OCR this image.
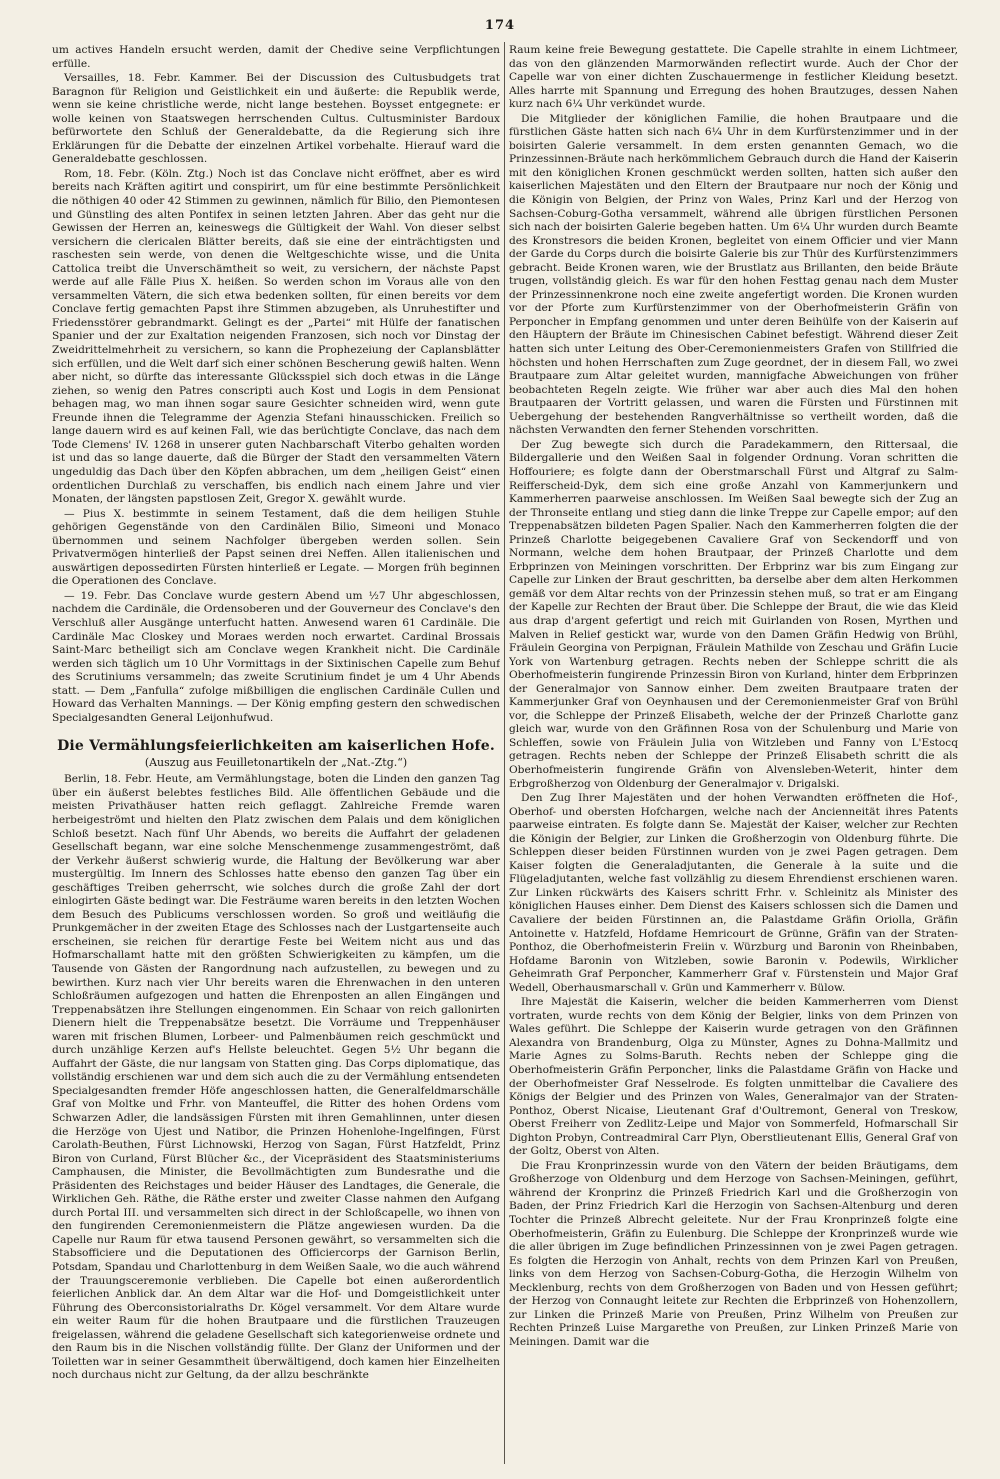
174

um actives Handeln ersucht werden, damit der Chedive seine Verpflichtungen erfülle.

Versailles, 18. Febr. Kammer. Bei der Discussion des Cultusbudgets trat Baragnon für Religion und Geistlichkeit ein und äußerte: die Republik werde, wenn sie keine christliche werde, nicht lange bestehen. Boysset entgegnete: er wolle keinen von Staatswegen herrschenden Cultus. Cultusminister Bardoux befürwortete den Schluß der Generaldebatte, da die Regierung sich ihre Erklärungen für die Debatte der einzelnen Artikel vorbehalte. Hierauf ward die Generaldebatte geschlossen.

Rom, 18. Febr. (Köln. Ztg.) Noch ist das Conclave nicht eröffnet, aber es wird bereits nach Kräften agitirt und conspirirt, um für eine bestimmte Persönlichkeit die nöthigen 40 oder 42 Stimmen zu gewinnen, nämlich für Bilio, den Piemontesen und Günstling des alten Pontifex in seinen letzten Jahren. Aber das geht nur die Gewissen der Herren an, keineswegs die Gültigkeit der Wahl. Von dieser selbst versichern die clericalen Blätter bereits, daß sie eine der einträchtigsten und raschesten sein werde, von denen die Weltgeschichte wisse, und die Unita Cattolica treibt die Unverschämtheit so weit, zu versichern, der nächste Papst werde auf alle Fälle Pius X. heißen. So werden schon im Voraus alle von den versammelten Vätern, die sich etwa bedenken sollten, für einen bereits vor dem Conclave fertig gemachten Papst ihre Stimmen abzugeben, als Unruhestifter und Friedensstörer gebrandmarkt. Gelingt es der „Partei“ mit Hülfe der fanatischen Spanier und der zur Exaltation neigenden Franzosen, sich noch vor Dinstag der Zweidrittelmehrheit zu versichern, so kann die Prophezeiung der Caplansblätter sich erfüllen, und die Welt darf sich einer schönen Bescherung gewiß halten. Wenn aber nicht, so dürfte das interessante Glücksspiel sich doch etwas in die Länge ziehen, so wenig den Patres conscripti auch Kost und Logis in dem Pensionat behagen mag, wo man ihnen sogar saure Gesichter schneiden wird, wenn gute Freunde ihnen die Telegramme der Agenzia Stefani hinausschicken. Freilich so lange dauern wird es auf keinen Fall, wie das berüchtigte Conclave, das nach dem Tode Clemens' IV. 1268 in unserer guten Nachbarschaft Viterbo gehalten worden ist und das so lange dauerte, daß die Bürger der Stadt den versammelten Vätern ungeduldig das Dach über den Köpfen abbrachen, um dem „heiligen Geist“ einen ordentlichen Durchlaß zu verschaffen, bis endlich nach einem Jahre und vier Monaten, der längsten papstlosen Zeit, Gregor X. gewählt wurde.

— Pius X. bestimmte in seinem Testament, daß die dem heiligen Stuhle gehörigen Gegenstände von den Cardinälen Bilio, Simeoni und Monaco übernommen und seinem Nachfolger übergeben werden sollen. Sein Privatvermögen hinterließ der Papst seinen drei Neffen. Allen italienischen und auswärtigen depossedirten Fürsten hinterließ er Legate. — Morgen früh beginnen die Operationen des Conclave.

— 19. Febr. Das Conclave wurde gestern Abend um ½7 Uhr abgeschlossen, nachdem die Cardinäle, die Ordensoberen und der Gouverneur des Conclave's den Verschluß aller Ausgänge unterfucht hatten. Anwesend waren 61 Cardinäle. Die Cardinäle Mac Closkey und Moraes werden noch erwartet. Cardinal Brossais Saint-Marc betheiligt sich am Conclave wegen Krankheit nicht. Die Cardinäle werden sich täglich um 10 Uhr Vormittags in der Sixtinischen Capelle zum Behuf des Scrutiniums versammeln; das zweite Scrutinium findet je um 4 Uhr Abends statt. — Dem „Fanfulla“ zufolge mißbilligen die englischen Cardinäle Cullen und Howard das Verhalten Mannings. — Der König empfing gestern den schwedischen Specialgesandten General Leijonhufwud.

Die Vermählungsfeierlichkeiten am kaiserlichen Hofe.
(Auszug aus Feuilletonartikeln der „Nat.-Ztg.“)

Berlin, 18. Febr. Heute, am Vermählungstage, boten die Linden den ganzen Tag über ein äußerst belebtes festliches Bild. Alle öffentlichen Gebäude und die meisten Privathäuser hatten reich geflaggt. Zahlreiche Fremde waren herbeigeströmt und hielten den Platz zwischen dem Palais und dem königlichen Schloß besetzt. Nach fünf Uhr Abends, wo bereits die Auffahrt der geladenen Gesellschaft begann, war eine solche Menschenmenge zusammengeströmt, daß der Verkehr äußerst schwierig wurde, die Haltung der Bevölkerung war aber mustergültig. Im Innern des Schlosses hatte ebenso den ganzen Tag über ein geschäftiges Treiben geherrscht, wie solches durch die große Zahl der dort einlogirten Gäste bedingt war. Die Festräume waren bereits in den letzten Wochen dem Besuch des Publicums verschlossen worden. So groß und weitläufig die Prunkgemächer in der zweiten Etage des Schlosses nach der Lustgartenseite auch erscheinen, sie reichen für derartige Feste bei Weitem nicht aus und das Hofmarschallamt hatte mit den größten Schwierigkeiten zu kämpfen, um die Tausende von Gästen der Rangordnung nach aufzustellen, zu bewegen und zu bewirthen. Kurz nach vier Uhr bereits waren die Ehrenwachen in den unteren Schloßräumen aufgezogen und hatten die Ehrenposten an allen Eingängen und Treppenabsätzen ihre Stellungen eingenommen. Ein Schaar von reich gallonirten Dienern hielt die Treppenabsätze besetzt. Die Vorräume und Treppenhäuser waren mit frischen Blumen, Lorbeer- und Palmenbäumen reich geschmückt und durch unzählige Kerzen auf's Hellste beleuchtet. Gegen 5½ Uhr begann die Auffahrt der Gäste, die nur langsam von Statten ging. Das Corps diplomatique, das vollständig erschienen war und dem sich auch die zu der Vermählung entsendeten Specialgesandten fremder Höfe angeschlossen hatten, die Generalfeldmarschälle Graf von Moltke und Frhr. von Manteuffel, die Ritter des hohen Ordens vom Schwarzen Adler, die landsässigen Fürsten mit ihren Gemahlinnen, unter diesen die Herzöge von Ujest und Natibor, die Prinzen Hohenlohe-Ingelfingen, Fürst Carolath-Beuthen, Fürst Lichnowski, Herzog von Sagan, Fürst Hatzfeldt, Prinz Biron von Curland, Fürst Blücher &c., der Vicepräsident des Staatsministeriums Camphausen, die Minister, die Bevollmächtigten zum Bundesrathe und die Präsidenten des Reichstages und beider Häuser des Landtages, die Generale, die Wirklichen Geh. Räthe, die Räthe erster und zweiter Classe nahmen den Aufgang durch Portal III. und versammelten sich direct in der Schloßcapelle, wo ihnen von den fungirenden Ceremonienmeistern die Plätze angewiesen wurden. Da die Capelle nur Raum für etwa tausend Personen gewährt, so versammelten sich die Stabsofficiere und die Deputationen des Officiercorps der Garnison Berlin, Potsdam, Spandau und Charlottenburg in dem Weißen Saale, wo die auch während der Trauungsceremonie verblieben. Die Capelle bot einen außerordentlich feierlichen Anblick dar. An dem Altar war die Hof- und Domgeistlichkeit unter Führung des Oberconsistorialraths Dr. Kögel versammelt. Vor dem Altare wurde ein weiter Raum für die hohen Brautpaare und die fürstlichen Trauzeugen freigelassen, während die geladene Gesellschaft sich kategorienweise ordnete und den Raum bis in die Nischen vollständig füllte. Der Glanz der Uniformen und der Toiletten war in seiner Gesammtheit überwältigend, doch kamen hier Einzelheiten noch durchaus nicht zur Geltung, da der allzu beschränkte

Raum keine freie Bewegung gestattete. Die Capelle strahlte in einem Lichtmeer, das von den glänzenden Marmorwänden reflectirt wurde. Auch der Chor der Capelle war von einer dichten Zuschauermenge in festlicher Kleidung besetzt. Alles harrte mit Spannung und Erregung des hohen Brautzuges, dessen Nahen kurz nach 6¼ Uhr verkündet wurde.

Die Mitglieder der königlichen Familie, die hohen Brautpaare und die fürstlichen Gäste hatten sich nach 6¼ Uhr in dem Kurfürstenzimmer und in der boisirten Galerie versammelt. In dem ersten genannten Gemach, wo die Prinzessinnen-Bräute nach herkömmlichem Gebrauch durch die Hand der Kaiserin mit den königlichen Kronen geschmückt werden sollten, hatten sich außer den kaiserlichen Majestäten und den Eltern der Brautpaare nur noch der König und die Königin von Belgien, der Prinz von Wales, Prinz Karl und der Herzog von Sachsen-Coburg-Gotha versammelt, während alle übrigen fürstlichen Personen sich nach der boisirten Galerie begeben hatten. Um 6¼ Uhr wurden durch Beamte des Kronstresors die beiden Kronen, begleitet von einem Officier und vier Mann der Garde du Corps durch die boisirte Galerie bis zur Thür des Kurfürstenzimmers gebracht. Beide Kronen waren, wie der Brustlatz aus Brillanten, den beide Bräute trugen, vollständig gleich. Es war für den hohen Festtag genau nach dem Muster der Prinzessinnenkrone noch eine zweite angefertigt worden. Die Kronen wurden vor der Pforte zum Kurfürstenzimmer von der Oberhofmeisterin Gräfin von Perponcher in Empfang genommen und unter deren Beihülfe von der Kaiserin auf den Häuptern der Bräute im Chinesischen Cabinet befestigt. Während dieser Zeit hatten sich unter Leitung des Ober-Ceremonienmeisters Grafen von Stillfried die höchsten und hohen Herrschaften zum Zuge geordnet, der in diesem Fall, wo zwei Brautpaare zum Altar geleitet wurden, mannigfache Abweichungen von früher beobachteten Regeln zeigte. Wie früher war aber auch dies Mal den hohen Brautpaaren der Vortritt gelassen, und waren die Fürsten und Fürstinnen mit Uebergehung der bestehenden Rangverhältnisse so vertheilt worden, daß die nächsten Verwandten den ferner Stehenden vorschritten.

Der Zug bewegte sich durch die Paradekammern, den Rittersaal, die Bildergallerie und den Weißen Saal in folgender Ordnung. Voran schritten die Hoffouriere; es folgte dann der Oberstmarschall Fürst und Altgraf zu Salm-Reifferscheid-Dyk, dem sich eine große Anzahl von Kammerjunkern und Kammerherren paarweise anschlossen. Im Weißen Saal bewegte sich der Zug an der Thronseite entlang und stieg dann die linke Treppe zur Capelle empor; auf den Treppenabsätzen bildeten Pagen Spalier. Nach den Kammerherren folgten die der Prinzeß Charlotte beigegebenen Cavaliere Graf von Seckendorff und von Normann, welche dem hohen Brautpaar, der Prinzeß Charlotte und dem Erbprinzen von Meiningen vorschritten. Der Erbprinz war bis zum Eingang zur Capelle zur Linken der Braut geschritten, ba derselbe aber dem alten Herkommen gemäß vor dem Altar rechts von der Prinzessin stehen muß, so trat er am Eingang der Kapelle zur Rechten der Braut über. Die Schleppe der Braut, die wie das Kleid aus drap d'argent gefertigt und reich mit Guirlanden von Rosen, Myrthen und Malven in Relief gestickt war, wurde von den Damen Gräfin Hedwig von Brühl, Fräulein Georgina von Perpignan, Fräulein Mathilde von Zeschau und Gräfin Lucie York von Wartenburg getragen. Rechts neben der Schleppe schritt die als Oberhofmeisterin fungirende Prinzessin Biron von Kurland, hinter dem Erbprinzen der Generalmajor von Sannow einher. Dem zweiten Brautpaare traten der Kammerjunker Graf von Oeynhausen und der Ceremonienmeister Graf von Brühl vor, die Schleppe der Prinzeß Elisabeth, welche der der Prinzeß Charlotte ganz gleich war, wurde von den Gräfinnen Rosa von der Schulenburg und Marie von Schleffen, sowie von Fräulein Julia von Witzleben und Fanny von L'Estocq getragen. Rechts neben der Schleppe der Prinzeß Elisabeth schritt die als Oberhofmeisterin fungirende Gräfin von Alvensleben-Weterit, hinter dem Erbgroßherzog von Oldenburg der Generalmajor v. Drigalski.

Den Zug Ihrer Majestäten und der hohen Verwandten eröffneten die Hof-, Oberhof- und obersten Hofchargen, welche nach der Ancienneität ihres Patents paarweise eintraten. Es folgte dann Se. Majestät der Kaiser, welcher zur Rechten die Königin der Belgier, zur Linken die Großherzogin von Oldenburg führte. Die Schleppen dieser beiden Fürstinnen wurden von je zwei Pagen getragen. Dem Kaiser folgten die Generaladjutanten, die Generale à la suite und die Flügeladjutanten, welche fast vollzählig zu diesem Ehrendienst erschienen waren. Zur Linken rückwärts des Kaisers schritt Frhr. v. Schleinitz als Minister des königlichen Hauses einher. Dem Dienst des Kaisers schlossen sich die Damen und Cavaliere der beiden Fürstinnen an, die Palastdame Gräfin Oriolla, Gräfin Antoinette v. Hatzfeld, Hofdame Hemricourt de Grünne, Gräfin van der Straten-Ponthoz, die Oberhofmeisterin Freiin v. Würzburg und Baronin von Rheinbaben, Hofdame Baronin von Witzleben, sowie Baronin v. Podewils, Wirklicher Geheimrath Graf Perponcher, Kammerherr Graf v. Fürstenstein und Major Graf Wedell, Oberhausmarschall v. Grün und Kammerherr v. Bülow.

Ihre Majestät die Kaiserin, welcher die beiden Kammerherren vom Dienst vortraten, wurde rechts von dem König der Belgier, links von dem Prinzen von Wales geführt. Die Schleppe der Kaiserin wurde getragen von den Gräfinnen Alexandra von Brandenburg, Olga zu Münster, Agnes zu Dohna-Mallmitz und Marie Agnes zu Solms-Baruth. Rechts neben der Schleppe ging die Oberhofmeisterin Gräfin Perponcher, links die Palastdame Gräfin von Hacke und der Oberhofmeister Graf Nesselrode. Es folgten unmittelbar die Cavaliere des Königs der Belgier und des Prinzen von Wales, Generalmajor van der Straten-Ponthoz, Oberst Nicaise, Lieutenant Graf d'Oultremont, General von Treskow, Oberst Freiherr von Zedlitz-Leipe und Major von Sommerfeld, Hofmarschall Sir Dighton Probyn, Contreadmiral Carr Plyn, Oberstlieutenant Ellis, General Graf von der Goltz, Oberst von Alten.

Die Frau Kronprinzessin wurde von den Vätern der beiden Bräutigams, dem Großherzoge von Oldenburg und dem Herzoge von Sachsen-Meiningen, geführt, während der Kronprinz die Prinzeß Friedrich Karl und die Großherzogin von Baden, der Prinz Friedrich Karl die Herzogin von Sachsen-Altenburg und deren Tochter die Prinzeß Albrecht geleitete. Nur der Frau Kronprinzeß folgte eine Oberhofmeisterin, Gräfin zu Eulenburg. Die Schleppe der Kronprinzeß wurde wie die aller übrigen im Zuge befindlichen Prinzessinnen von je zwei Pagen getragen. Es folgten die Herzogin von Anhalt, rechts von dem Prinzen Karl von Preußen, links von dem Herzog von Sachsen-Coburg-Gotha, die Herzogin Wilhelm von Mecklenburg, rechts von dem Großherzogen von Baden und von Hessen geführt; der Herzog von Connaught leitete zur Rechten die Erbprinzeß von Hohenzollern, zur Linken die Prinzeß Marie von Preußen, Prinz Wilhelm von Preußen zur Rechten Prinzeß Luise Margarethe von Preußen, zur Linken Prinzeß Marie von Meiningen. Damit war die
